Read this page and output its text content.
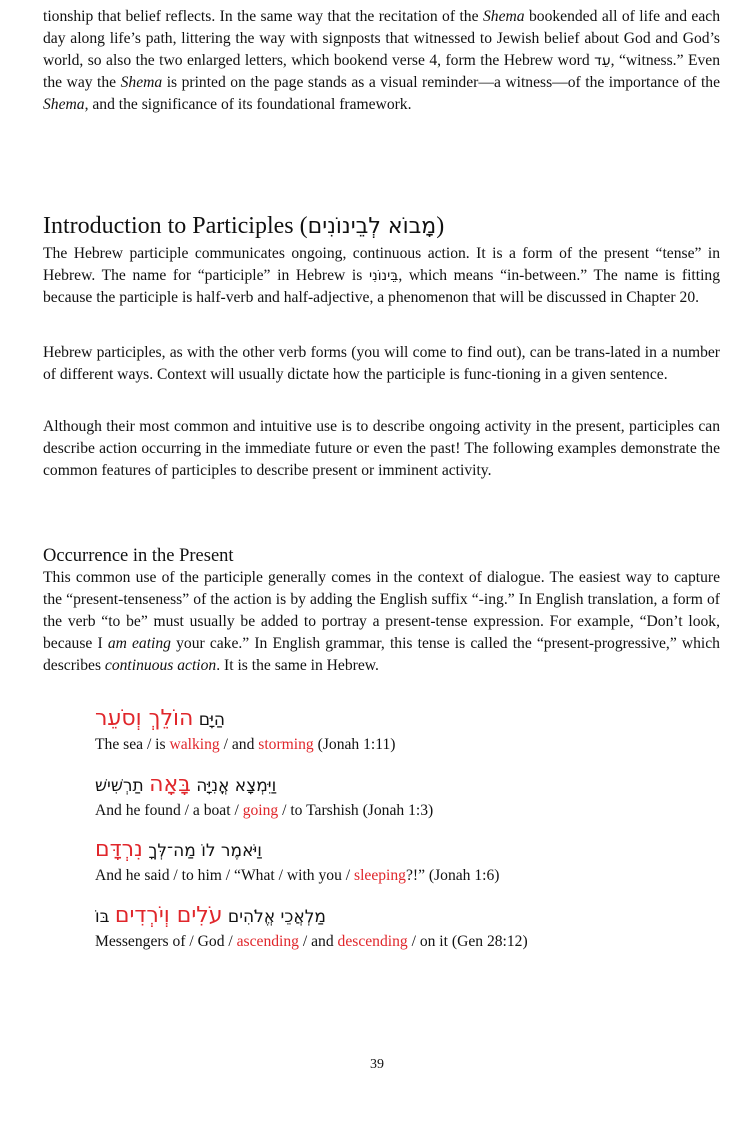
tionship that belief reflects. In the same way that the recitation of the Shema bookended all of life and each day along life’s path, littering the way with signposts that witnessed to Jewish belief about God and God’s world, so also the two enlarged letters, which bookend verse 4, form the Hebrew word עֵד, “witness.” Even the way the Shema is printed on the page stands as a visual reminder—a witness—of the importance of the Shema, and the significance of its foundational framework.

Introduction to Participles (מָבוֹא לְבֵינוֹנִים)

The Hebrew participle communicates ongoing, continuous action. It is a form of the present “tense” in Hebrew. The name for “participle” in Hebrew is בֵּינוֹנִי, which means “in-between.” The name is fitting because the participle is half-verb and half-adjective, a phenomenon that will be discussed in Chapter 20.

Hebrew participles, as with the other verb forms (you will come to find out), can be trans-lated in a number of different ways. Context will usually dictate how the participle is func-tioning in a given sentence.

Although their most common and intuitive use is to describe ongoing activity in the present, participles can describe action occurring in the immediate future or even the past! The following examples demonstrate the common features of participles to describe present or imminent activity.

Occurrence in the Present

This common use of the participle generally comes in the context of dialogue. The easiest way to capture the “present-tenseness” of the action is by adding the English suffix “-ing.” In English translation, a form of the verb “to be” must usually be added to portray a present-tense expression. For example, “Don’t look, because I am eating your cake.” In English grammar, this tense is called the “present-progressive,” which describes continuous action. It is the same in Hebrew.

הַיָּם הוֹלֵךְ וְסֹעֵר
The sea / is walking / and storming (Jonah 1:11)
וַיִּמְצָא אֳנִיָּה בָּאָה תַרְשִׁישׁ
And he found / a boat / going / to Tarshish (Jonah 1:3)
וַיֹּאמֶר לוֹ מַה־לְּךָ נִרְדָּם
And he said / to him / “What / with you / sleeping?!” (Jonah 1:6)
מַלְאֲכֵי אֱלֹהִים עֹלִים וְיֹרְדִים בּוֹ
Messengers of / God / ascending / and descending / on it (Gen 28:12)
39
